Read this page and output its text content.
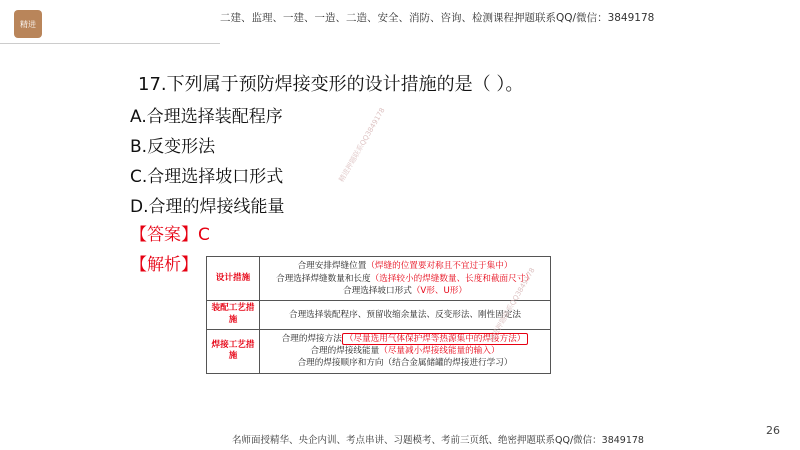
精进	二建、监理、一建、一造、二造、安全、消防、咨询、检测课程押题联系QQ/微信：3849178
17.下列属于预防焊接变形的设计措施的是（ ）。
A.合理选择装配程序
B.反变形法
C.合理选择坡口形式
D.合理的焊接线能量
【答案】C
【解析】
设计措施	合理安排焊缝位置（焊缝的位置要对称且不宜过于集中）
合理选择焊缝数量和长度（选择较小的焊缝数量、长度和截面尺寸）
合理选择坡口形式（V形、U形）

装配工艺措施	合理选择装配程序、预留收缩余量法、反变形法、刚性固定法

焊接工艺措施	合理的焊接方法 （尽量选用气体保护焊等热源集中的焊接方法）
合理的焊接线能量（尽量减小焊接线能量的输入）
合理的焊接顺序和方向（结合金属储罐的焊接进行学习）
精进押题联系QQ3849178
精进押题联系QQ3849178
26
名师面授精华、央企内训、考点串讲、习题模考、考前三页纸、绝密押题联系QQ/微信：3849178
